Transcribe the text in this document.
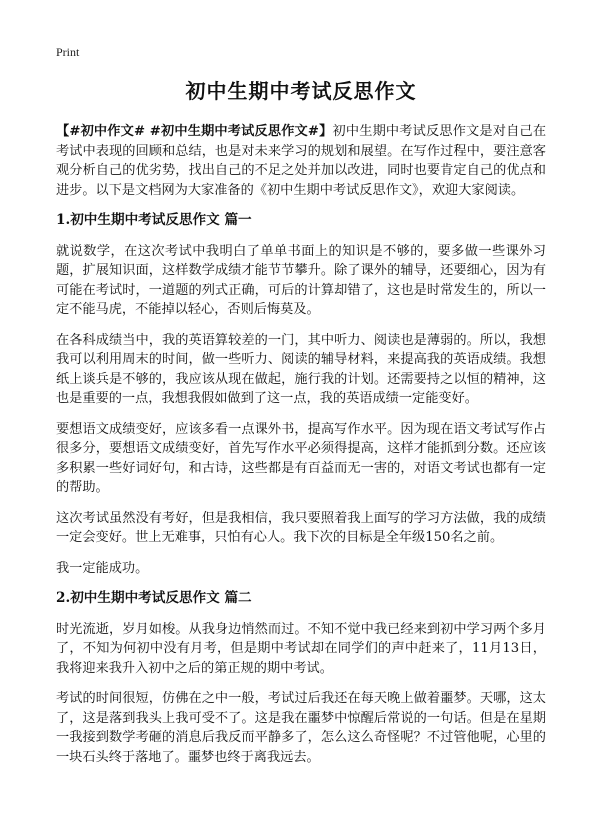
Print
初中生期中考试反思作文

【#初中作文# #初中生期中考试反思作文#】初中生期中考试反思作文是对自己在考试中表现的回顾和总结，也是对未来学习的规划和展望。在写作过程中，要注意客观分析自己的优劣势，找出自己的不足之处并加以改进，同时也要肯定自己的优点和进步。以下是文档网为大家准备的《初中生期中考试反思作文》，欢迎大家阅读。

1.初中生期中考试反思作文 篇一

就说数学，在这次考试中我明白了单单书面上的知识是不够的，要多做一些课外习题，扩展知识面，这样数学成绩才能节节攀升。除了课外的辅导，还要细心，因为有可能在考试时，一道题的列式正确，可后的计算却错了，这也是时常发生的，所以一定不能马虎，不能掉以轻心，否则后悔莫及。

在各科成绩当中，我的英语算较差的一门，其中听力、阅读也是薄弱的。所以，我想我可以利用周末的时间，做一些听力、阅读的辅导材料，来提高我的英语成绩。我想纸上谈兵是不够的，我应该从现在做起，施行我的计划。还需要持之以恒的精神，这也是重要的一点，我想我假如做到了这一点，我的英语成绩一定能变好。

要想语文成绩变好，应该多看一点课外书，提高写作水平。因为现在语文考试写作占很多分，要想语文成绩变好，首先写作水平必须得提高，这样才能抓到分数。还应该多积累一些好词好句，和古诗，这些都是有百益而无一害的，对语文考试也都有一定的帮助。

这次考试虽然没有考好，但是我相信，我只要照着我上面写的学习方法做，我的成绩一定会变好。世上无难事，只怕有心人。我下次的目标是全年级150名之前。

我一定能成功。

2.初中生期中考试反思作文 篇二

时光流逝，岁月如梭。从我身边悄然而过。不知不觉中我已经来到初中学习两个多月了，不知为何初中没有月考，但是期中考试却在同学们的声中赶来了，11月13日，我将迎来我升入初中之后的第正规的期中考试。

考试的时间很短，仿佛在之中一般，考试过后我还在每天晚上做着噩梦。天哪，这太了，这是落到我头上我可受不了。这是我在噩梦中惊醒后常说的一句话。但是在星期一我接到数学考砸的消息后我反而平静多了，怎么这么奇怪呢？不过管他呢，心里的一块石头终于落地了。噩梦也终于离我远去。
